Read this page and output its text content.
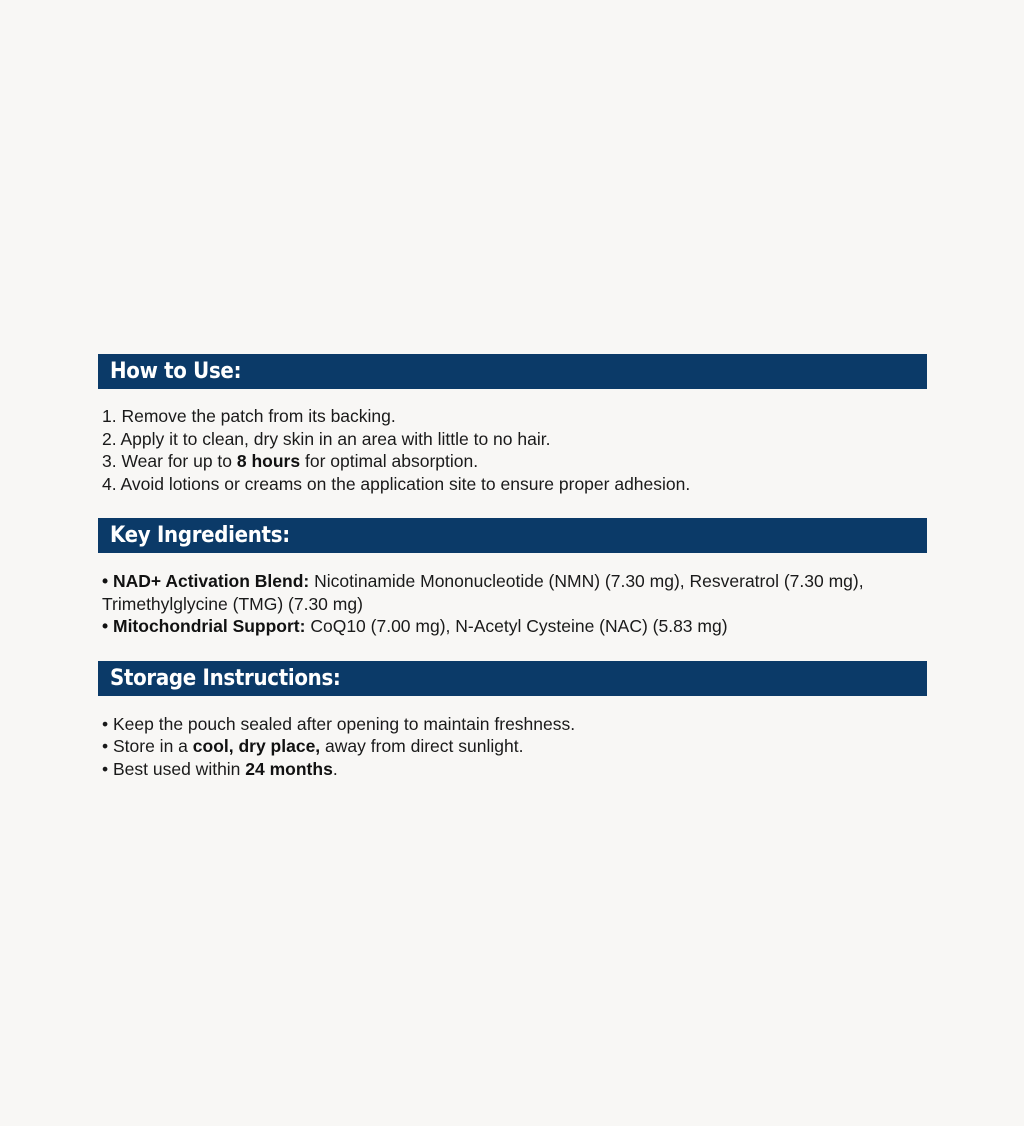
How to Use:
1. Remove the patch from its backing.
2. Apply it to clean, dry skin in an area with little to no hair.
3. Wear for up to 8 hours for optimal absorption.
4. Avoid lotions or creams on the application site to ensure proper adhesion.
Key Ingredients:
• NAD+ Activation Blend: Nicotinamide Mononucleotide (NMN) (7.30 mg), Resveratrol (7.30 mg), Trimethylglycine (TMG) (7.30 mg)
• Mitochondrial Support: CoQ10 (7.00 mg), N-Acetyl Cysteine (NAC) (5.83 mg)
Storage Instructions:
• Keep the pouch sealed after opening to maintain freshness.
• Store in a cool, dry place, away from direct sunlight.
• Best used within 24 months.
